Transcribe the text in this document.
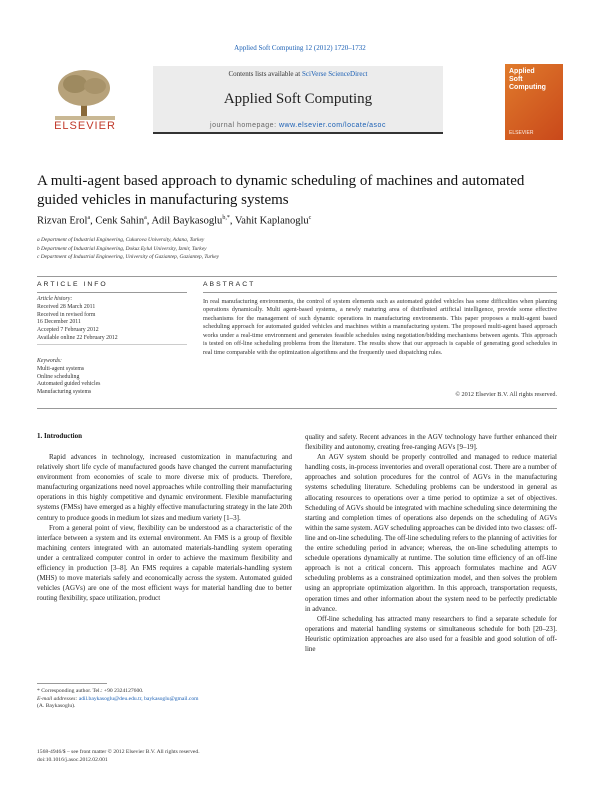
Applied Soft Computing 12 (2012) 1720–1732
ELSEVIER
Contents lists available at SciVerse ScienceDirect
Applied Soft Computing
journal homepage: www.elsevier.com/locate/asoc
Applied
Soft
Computing
ELSEVIER
A multi-agent based approach to dynamic scheduling of machines and automated guided vehicles in manufacturing systems
Rizvan Erol$^a$, Cenk Sahin$^a$, Adil Baykasoglu$^{b,*}$, Vahit Kaplanoglu$^c$
a Department of Industrial Engineering, Cukurova University, Adana, Turkey
b Department of Industrial Engineering, Dokuz Eylul University, Izmir, Turkey
c Department of Industrial Engineering, University of Gaziantep, Gaziantep, Turkey
ARTICLE INFO	ABSTRACT
Article history:
Received 28 March 2011
Received in revised form
16 December 2011
Accepted 7 February 2012
Available online 22 February 2012
Keywords:
Multi-agent systems
Online scheduling
Automated guided vehicles
Manufacturing systems
In real manufacturing environments, the control of system elements such as automated guided vehicles has some difficulties when planning operations dynamically. Multi agent-based systems, a newly maturing area of distributed artificial intelligence, provide some effective mechanisms for the management of such dynamic operations in manufacturing environments. This paper proposes a multi-agent based scheduling approach for automated guided vehicles and machines within a manufacturing system. The proposed multi-agent based approach works under a real-time environment and generates feasible schedules using negotiation/bidding mechanisms between agents. This approach is tested on off-line scheduling problems from the literature. The results show that our approach is capable of generating good schedules in real time comparable with the optimization algorithms and the frequently used dispatching rules.
© 2012 Elsevier B.V. All rights reserved.
1. Introduction

Rapid advances in technology, increased customization in manufacturing and relatively short life cycle of manufactured goods have changed the current manufacturing environment from economies of scale to more diverse mix of products. Therefore, manufacturing organizations need novel approaches while controlling their manufacturing operations in this highly competitive and dynamic environment. Flexible manufacturing systems (FMSs) have emerged as a highly effective manufacturing strategy in the late 20th century to produce goods in medium lot sizes and medium variety [1–3].

From a general point of view, flexibility can be understood as a characteristic of the interface between a system and its external environment. An FMS is a group of flexible machining centers integrated with an automated materials-handling system operating under a centralized computer control in order to achieve the maximum flexibility and efficiency in production [3–8]. An FMS requires a capable materials-handling system (MHS) to move materials safely and economically across the system. Automated guided vehicles (AGVs) are one of the most efficient ways for material handling due to better routing flexibility, space utilization, product

quality and safety. Recent advances in the AGV technology have further enhanced their flexibility and autonomy, creating free-ranging AGVs [9–19].

An AGV system should be properly controlled and managed to reduce material handling costs, in-process inventories and overall operational cost. There are a number of approaches and solution procedures for the control of AGVs in the manufacturing systems scheduling literature. Scheduling problems can be understood in general as allocating resources to operations over a time period to optimize a set of objectives. Scheduling of AGVs should be integrated with machine scheduling since determining the starting and completion times of operations also depends on the scheduling of AGVs within the same system. AGV scheduling approaches can be divided into two classes: off-line and on-line scheduling. The off-line scheduling refers to the planning of activities for the entire scheduling period in advance; whereas, the on-line scheduling attempts to schedule operations dynamically at runtime. The solution time efficiency of an off-line approach is not a critical concern. This approach formulates machine and AGV scheduling problems as a constrained optimization model, and then solves the problem using an appropriate optimization algorithm. In this approach, transportation requests, operation times and other information about the system need to be perfectly predictable in advance.

Off-line scheduling has attracted many researchers to find a separate schedule for operations and material handling systems or simultaneous schedule for both [20–23]. Heuristic optimization approaches are also used for a feasible and good solution of off-line

* Corresponding author. Tel.: +90 2324127600.
E-mail addresses: adil.baykasoglu@deu.edu.tr, baykasoglu@gmail.com
(A. Baykasoglu).
1568-4946/$ – see front matter © 2012 Elsevier B.V. All rights reserved.
doi:10.1016/j.asoc.2012.02.001
